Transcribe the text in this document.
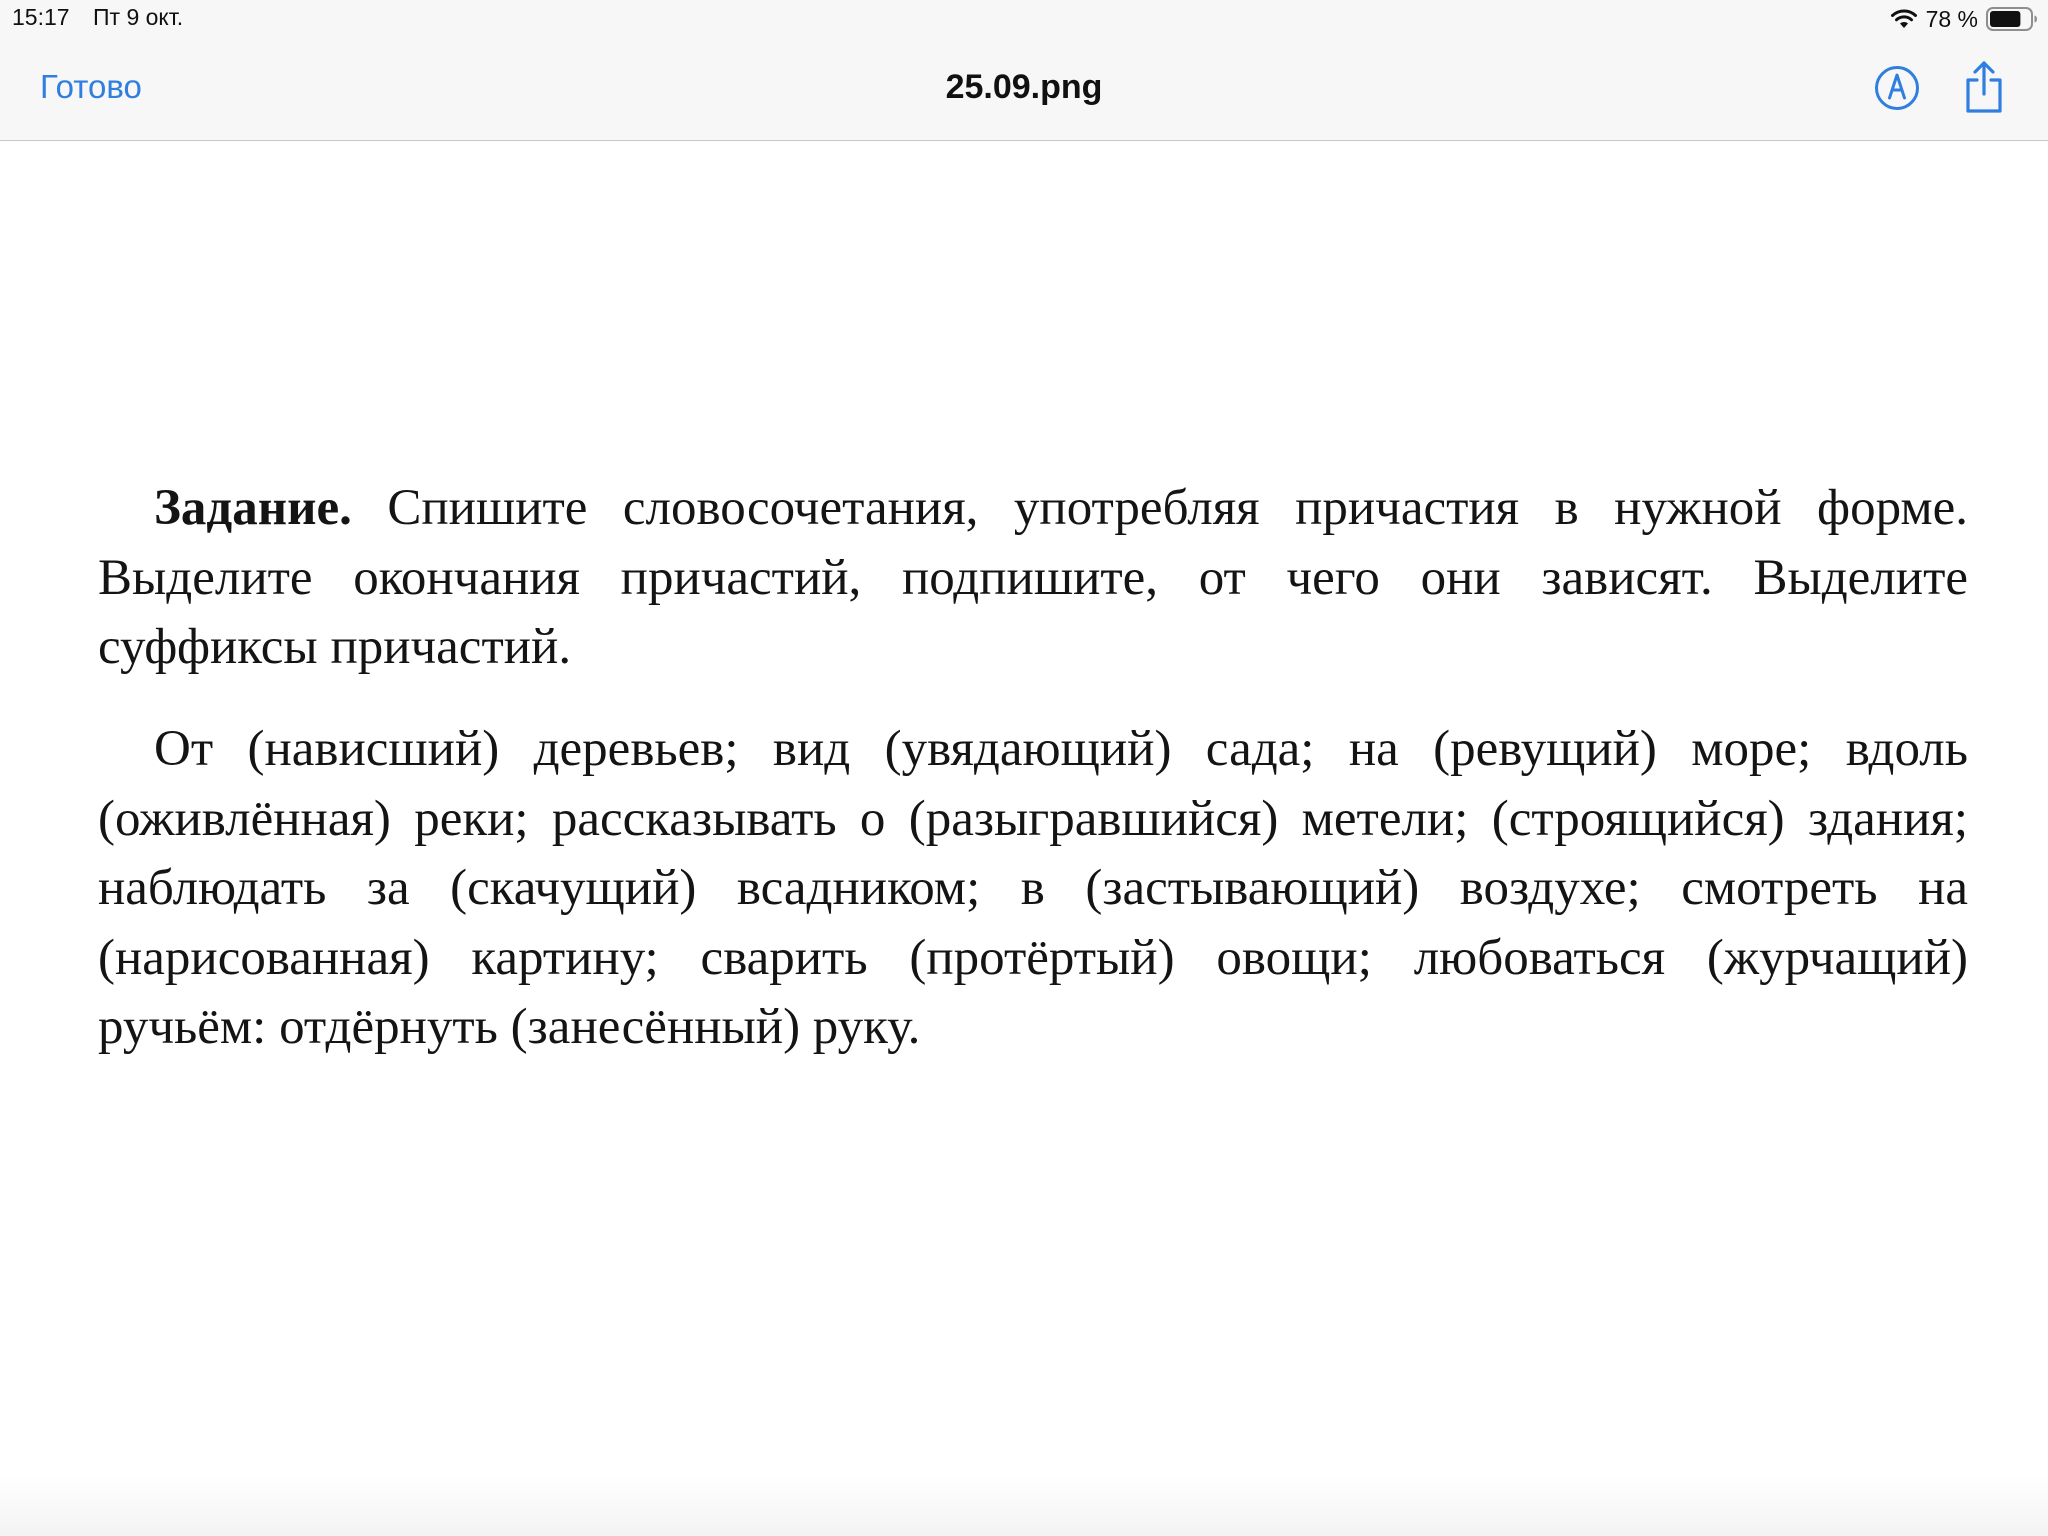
15:17 Пт 9 окт.	78 %
Готово	25.09.png

Задание. Спишите словосочетания, употребляя причастия в нужной форме. Выделите окончания причастий, подпишите, от чего они зависят. Выделите суффиксы причастий.

От (нависший) деревьев; вид (увядающий) сада; на (ревущий) море; вдоль (оживлённая) реки; рассказывать о (разыгравшийся) метели; (строящийся) здания; наблюдать за (скачущий) всадником; в (застывающий) воздухе; смотреть на (нарисованная) картину; сварить (протёртый) овощи; любоваться (журчащий) ручьём: отдёрнуть (занесённый) руку.
